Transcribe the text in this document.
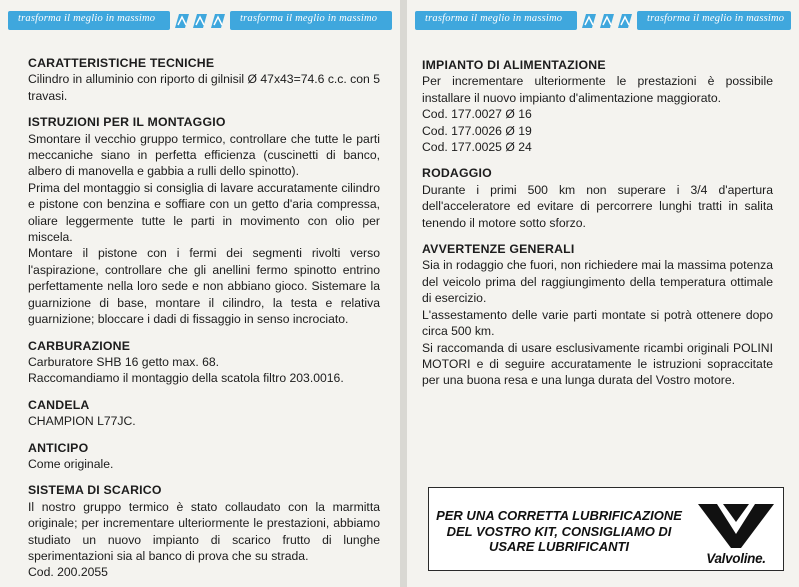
trasforma il meglio in massimo	trasforma il meglio in massimo
CARATTERISTICHE TECNICHE

Cilindro in alluminio con riporto di gilnisil Ø 47x43=74.6 c.c. con 5 travasi.

ISTRUZIONI PER IL MONTAGGIO

Smontare il vecchio gruppo termico, controllare che tutte le parti meccaniche siano in perfetta efficienza (cuscinetti di banco, albero di manovella e gabbia a rulli dello spinotto).

Prima del montaggio si consiglia di lavare accuratamente cilindro e pistone con benzina e soffiare con un getto d'aria compressa, oliare leggermente tutte le parti in movimento con olio per miscela.

Montare il pistone con i fermi dei segmenti rivolti verso l'aspirazione, controllare che gli anellini fermo spinotto entrino perfettamente nella loro sede e non abbiano gioco. Sistemare la guarnizione di base, montare il cilindro, la testa e relativa guarnizione; bloccare i dadi di fissaggio in senso incrociato.

CARBURAZIONE

Carburatore SHB 16 getto max. 68.

Raccomandiamo il montaggio della scatola filtro 203.0016.

CANDELA

CHAMPION L77JC.

ANTICIPO

Come originale.

SISTEMA DI SCARICO

Il nostro gruppo termico è stato collaudato con la marmitta originale; per incrementare ulteriormente le prestazioni, abbiamo studiato un nuovo impianto di scarico frutto di lunghe sperimentazioni sia al banco di prova che su strada.

Cod. 200.2055

trasforma il meglio in massimo	trasforma il meglio in massimo
IMPIANTO DI ALIMENTAZIONE

Per incrementare ulteriormente le prestazioni è possibile installare il nuovo impianto d'alimentazione maggiorato.

Cod. 177.0027 Ø 16

Cod. 177.0026 Ø 19

Cod. 177.0025 Ø 24

RODAGGIO

Durante i primi 500 km non superare i 3/4 d'apertura dell'acceleratore ed evitare di percorrere lunghi tratti in salita tenendo il motore sotto sforzo.

AVVERTENZE GENERALI

Sia in rodaggio che fuori, non richiedere mai la massima potenza del veicolo prima del raggiungimento della temperatura ottimale di esercizio.

L'assestamento delle varie parti montate si potrà ottenere dopo circa 500 km.

Si raccomanda di usare esclusivamente ricambi originali POLINI MOTORI e di seguire accuratamente le istruzioni sopraccitate per una buona resa e una lunga durata del Vostro motore.

PER UNA CORRETTA LUBRIFICAZIONE
DEL VOSTRO KIT, CONSIGLIAMO DI
USARE LUBRIFICANTI
Valvoline.
